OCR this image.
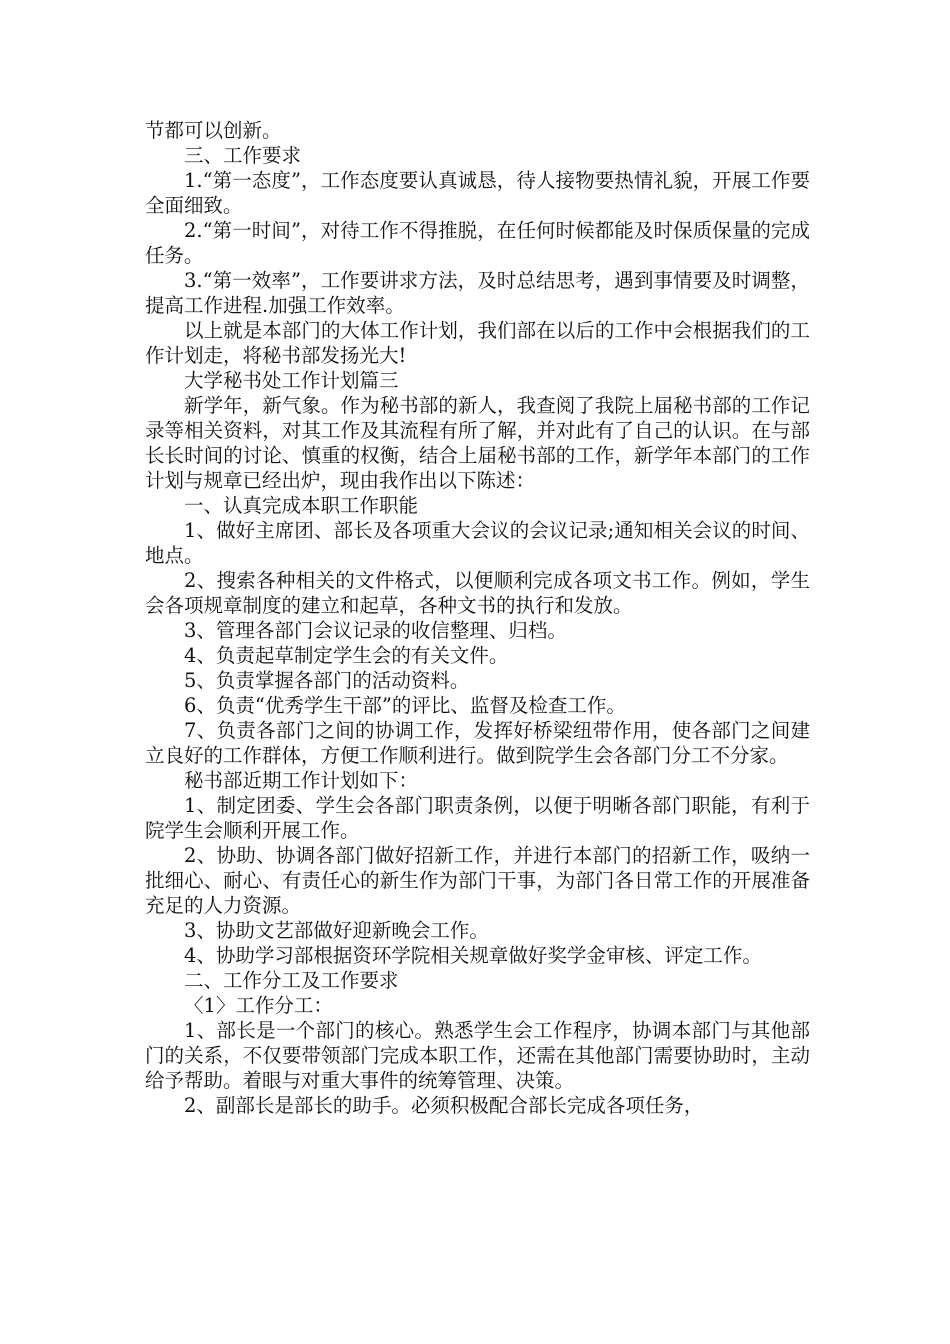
节都可以创新。

三、工作要求

1.“第一态度”，工作态度要认真诚恳，待人接物要热情礼貌，开展工作要全面细致。

2.“第一时间”，对待工作不得推脱，在任何时候都能及时保质保量的完成任务。

3.“第一效率”，工作要讲求方法，及时总结思考，遇到事情要及时调整，提高工作进程.加强工作效率。

以上就是本部门的大体工作计划，我们部在以后的工作中会根据我们的工作计划走，将秘书部发扬光大!

大学秘书处工作计划篇三

新学年，新气象。作为秘书部的新人，我查阅了我院上届秘书部的工作记录等相关资料，对其工作及其流程有所了解，并对此有了自己的认识。在与部长长时间的讨论、慎重的权衡，结合上届秘书部的工作，新学年本部门的工作计划与规章已经出炉，现由我作出以下陈述：

一、认真完成本职工作职能

1、做好主席团、部长及各项重大会议的会议记录;通知相关会议的时间、地点。

2、搜索各种相关的文件格式，以便顺利完成各项文书工作。例如，学生会各项规章制度的建立和起草，各种文书的执行和发放。

3、管理各部门会议记录的收信整理、归档。

4、负责起草制定学生会的有关文件。

5、负责掌握各部门的活动资料。

6、负责“优秀学生干部”的评比、监督及检查工作。

7、负责各部门之间的协调工作，发挥好桥梁纽带作用，使各部门之间建立良好的工作群体，方便工作顺利进行。做到院学生会各部门分工不分家。

秘书部近期工作计划如下：

1、制定团委、学生会各部门职责条例，以便于明晰各部门职能，有利于院学生会顺利开展工作。

2、协助、协调各部门做好招新工作，并进行本部门的招新工作，吸纳一批细心、耐心、有责任心的新生作为部门干事，为部门各日常工作的开展准备充足的人力资源。

3、协助文艺部做好迎新晚会工作。

4、协助学习部根据资环学院相关规章做好奖学金审核、评定工作。

二、工作分工及工作要求

〈1〉工作分工：

1、部长是一个部门的核心。熟悉学生会工作程序，协调本部门与其他部门的关系，不仅要带领部门完成本职工作，还需在其他部门需要协助时，主动给予帮助。着眼与对重大事件的统筹管理、决策。

2、副部长是部长的助手。必须积极配合部长完成各项任务，
